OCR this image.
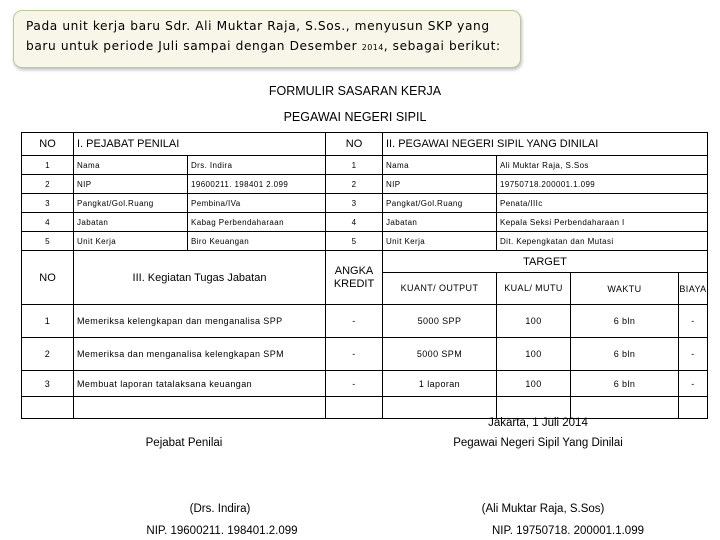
Pada unit kerja baru Sdr. Ali Muktar Raja, S.Sos., menyusun SKP yang baru untuk periode Juli sampai dengan Desember 2014, sebagai berikut:
FORMULIR SASARAN KERJA
PEGAWAI NEGERI SIPIL
NO	I. PEJABAT PENILAI		NO	II. PEGAWAI NEGERI SIPIL YANG DINILAI			
1	Nama	Drs. Indira	1	Nama	Ali Muktar Raja, S.Sos		
2	NIP	19600211. 198401 2.099	2	NIP	19750718.200001.1.099		
3	Pangkat/Gol.Ruang	Pembina/IVa	3	Pangkat/Gol.Ruang	Penata/IIIc		
4	Jabatan	Kabag Perbendaharaan	4	Jabatan	Kepala Seksi Perbendaharaan I		
5	Unit Kerja	Biro Keuangan	5	Unit Kerja	Dit. Kepengkatan dan Mutasi		
NO	III. Kegiatan Tugas Jabatan		ANGKA KREDIT	TARGET			
				KUANT/ OUTPUT	KUAL/ MUTU	WAKTU	BIAYA
1	Memeriksa kelengkapan dan menganalisa SPP		-	5000 SPP	100	6 bln	-
2	Memeriksa dan menganalisa kelengkapan SPM		-	5000 SPM	100	6 bln	-
3	Membuat laporan tatalaksana keuangan		-	1 laporan	100	6 bln	-

Jakarta, 1 Juli 2014
Pejabat Penilai	Pegawai Negeri Sipil Yang Dinilai
(Drs. Indira)	(Ali Muktar Raja, S.Sos)
NIP. 19600211. 198401.2.099	NIP. 19750718. 200001.1.099
